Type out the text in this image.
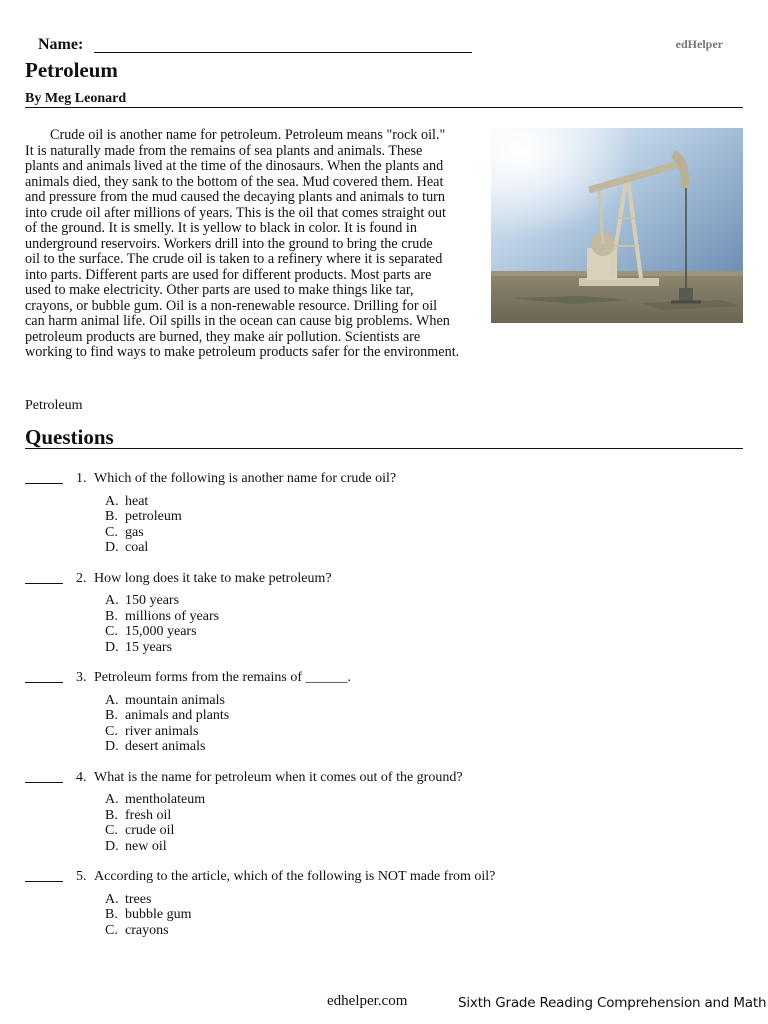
Name:	edHelper
Petroleum
By Meg Leonard

Crude oil is another name for petroleum. Petroleum means "rock oil." It is naturally made from the remains of sea plants and animals. These plants and animals lived at the time of the dinosaurs. When the plants and animals died, they sank to the bottom of the sea. Mud covered them. Heat and pressure from the mud caused the decaying plants and animals to turn into crude oil after millions of years. This is the oil that comes straight out of the ground. It is smelly. It is yellow to black in color. It is found in underground reservoirs. Workers drill into the ground to bring the crude oil to the surface. The crude oil is taken to a refinery where it is separated into parts. Different parts are used for different products. Most parts are used to make electricity. Other parts are used to make things like tar, crayons, or bubble gum. Oil is a non-renewable resource. Drilling for oil can harm animal life. Oil spills in the ocean can cause big problems. When petroleum products are burned, they make air pollution. Scientists are working to find ways to make petroleum products safer for the environment.

Petroleum
Questions
1. Which of the following is another name for crude oil?
A. heat
B. petroleum
C. gas
D. coal
2. How long does it take to make petroleum?
A. 150 years
B. millions of years
C. 15,000 years
D. 15 years
3. Petroleum forms from the remains of ______.
A. mountain animals
B. animals and plants
C. river animals
D. desert animals
4. What is the name for petroleum when it comes out of the ground?
A. mentholateum
B. fresh oil
C. crude oil
D. new oil
5. According to the article, which of the following is NOT made from oil?
A. trees
B. bubble gum
C. crayons
edhelper.com	Sixth Grade Reading Comprehension and Math
